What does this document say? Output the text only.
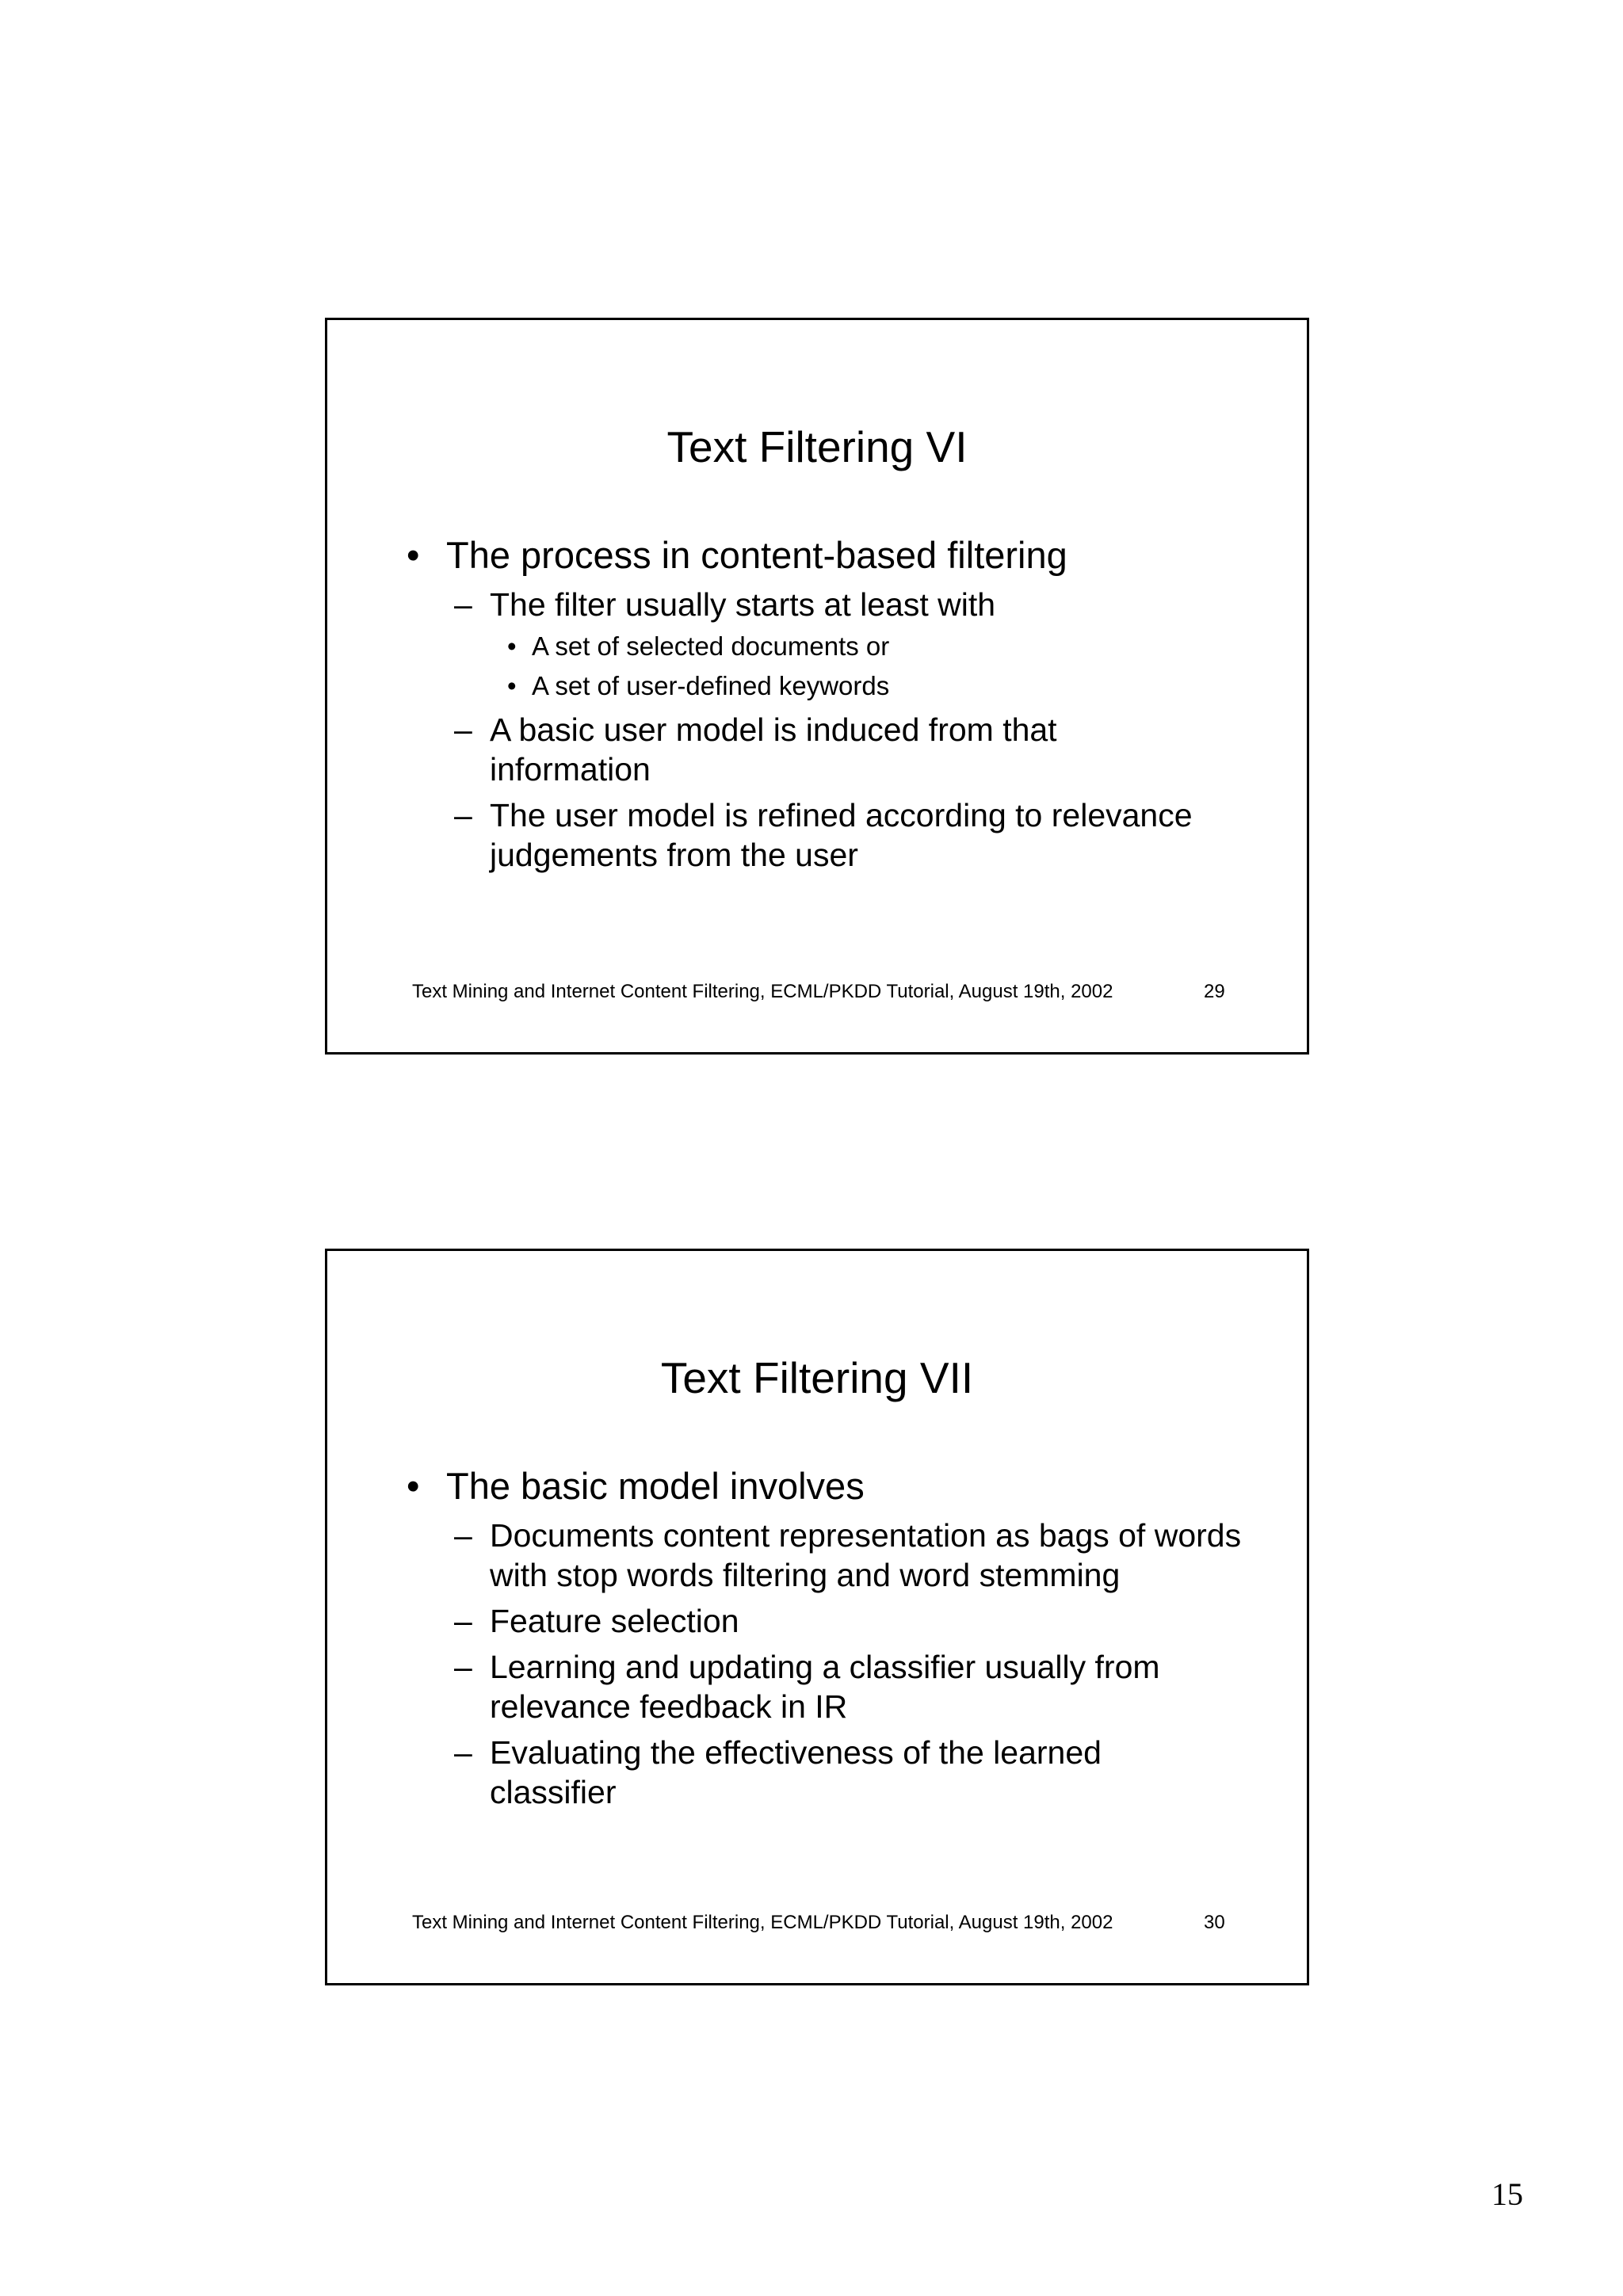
Text Filtering VI
• The process in content-based filtering
– The filter usually starts at least with
• A set of selected documents or
• A set of user-defined keywords
– A basic user model is induced from that information
– The user model is refined according to relevance judgements from the user
Text Mining and Internet Content Filtering, ECML/PKDD Tutorial, August 19th, 2002	29
Text Filtering VII
• The basic model involves
– Documents content representation as bags of words with stop words filtering and word stemming
– Feature selection
– Learning and updating a classifier usually from relevance feedback in IR
– Evaluating the effectiveness of the learned classifier
Text Mining and Internet Content Filtering, ECML/PKDD Tutorial, August 19th, 2002	30
15
